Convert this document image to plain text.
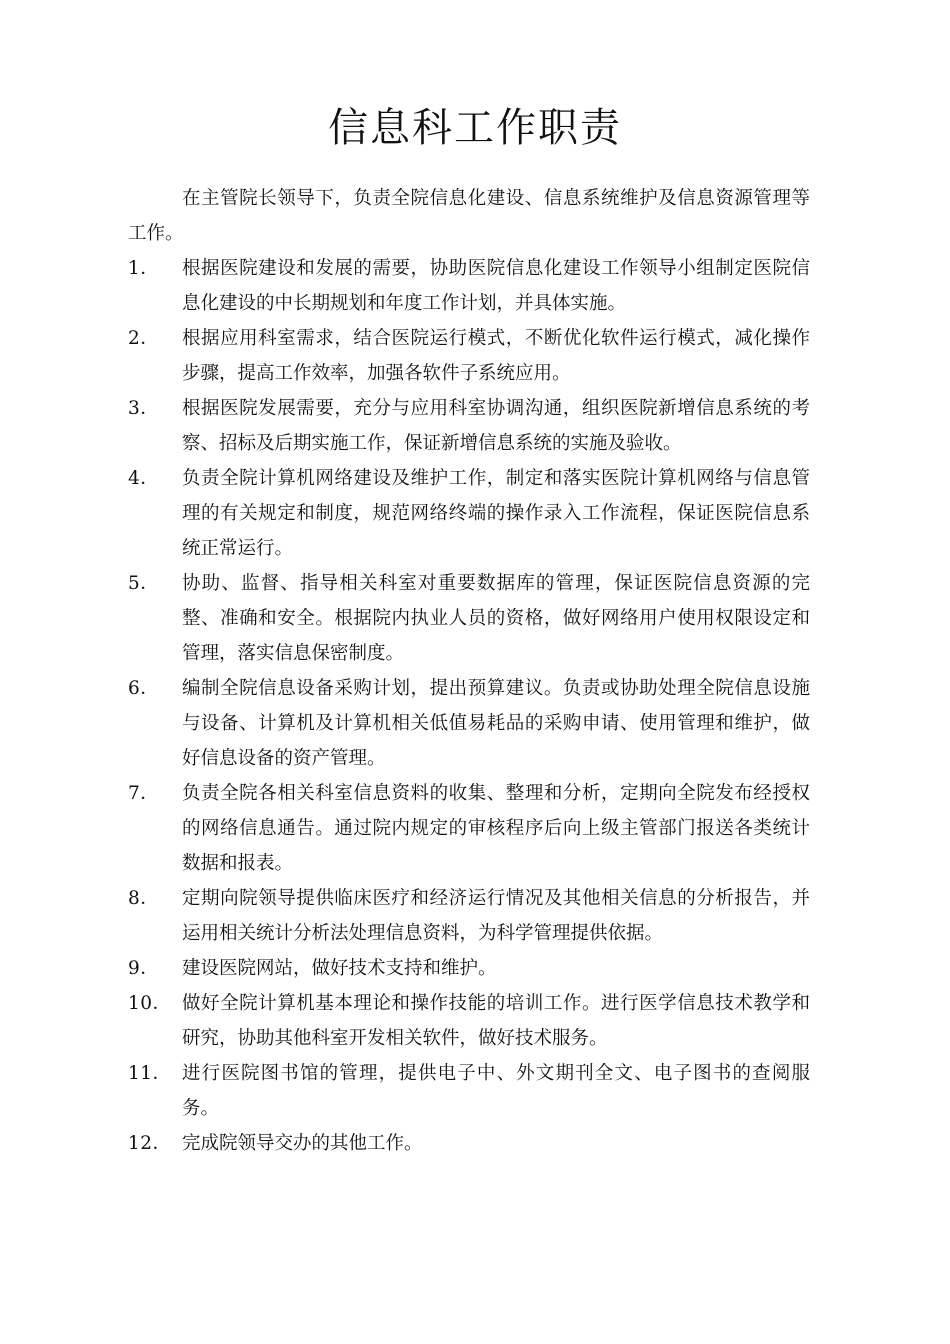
信息科工作职责

在主管院长领导下，负责全院信息化建设、信息系统维护及信息资源管理等工作。

1．	根据医院建设和发展的需要，协助医院信息化建设工作领导小组制定医院信息化建设的中长期规划和年度工作计划，并具体实施。
2．	根据应用科室需求，结合医院运行模式，不断优化软件运行模式，减化操作步骤，提高工作效率，加强各软件子系统应用。
3．	根据医院发展需要，充分与应用科室协调沟通，组织医院新增信息系统的考察、招标及后期实施工作，保证新增信息系统的实施及验收。
4．	负责全院计算机网络建设及维护工作，制定和落实医院计算机网络与信息管理的有关规定和制度，规范网络终端的操作录入工作流程，保证医院信息系统正常运行。
5．	协助、监督、指导相关科室对重要数据库的管理，保证医院信息资源的完整、准确和安全。根据院内执业人员的资格，做好网络用户使用权限设定和管理，落实信息保密制度。
6．	编制全院信息设备采购计划，提出预算建议。负责或协助处理全院信息设施与设备、计算机及计算机相关低值易耗品的采购申请、使用管理和维护，做好信息设备的资产管理。
7．	负责全院各相关科室信息资料的收集、整理和分析，定期向全院发布经授权的网络信息通告。通过院内规定的审核程序后向上级主管部门报送各类统计数据和报表。
8．	定期向院领导提供临床医疗和经济运行情况及其他相关信息的分析报告，并运用相关统计分析法处理信息资料，为科学管理提供依据。
9．	建设医院网站，做好技术支持和维护。
10． 做好全院计算机基本理论和操作技能的培训工作。进行医学信息技术教学和研究，协助其他科室开发相关软件，做好技术服务。
11． 进行医院图书馆的管理，提供电子中、外文期刊全文、电子图书的查阅服务。
12． 完成院领导交办的其他工作。
